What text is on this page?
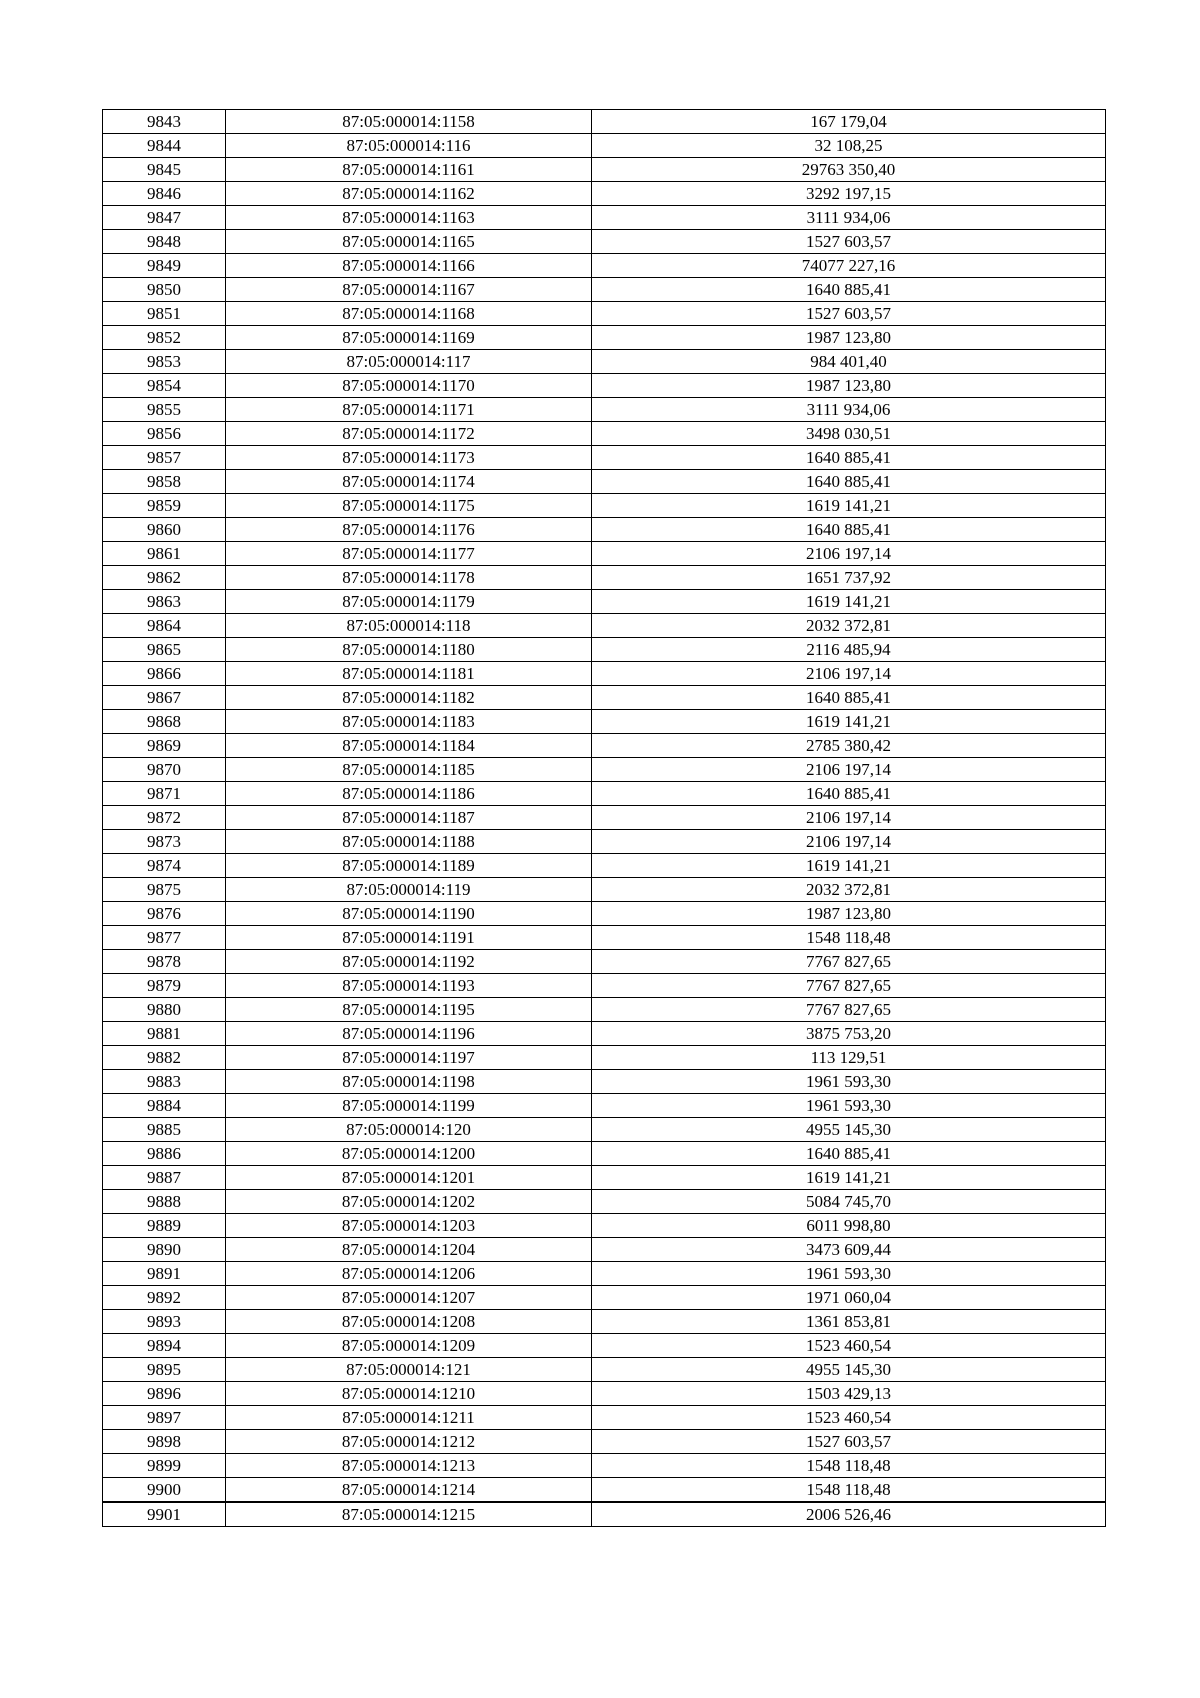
9843	87:05:000014:1158	167 179,04
9844	87:05:000014:116	32 108,25
9845	87:05:000014:1161	29763 350,40
9846	87:05:000014:1162	3292 197,15
9847	87:05:000014:1163	3111 934,06
9848	87:05:000014:1165	1527 603,57
9849	87:05:000014:1166	74077 227,16
9850	87:05:000014:1167	1640 885,41
9851	87:05:000014:1168	1527 603,57
9852	87:05:000014:1169	1987 123,80
9853	87:05:000014:117	984 401,40
9854	87:05:000014:1170	1987 123,80
9855	87:05:000014:1171	3111 934,06
9856	87:05:000014:1172	3498 030,51
9857	87:05:000014:1173	1640 885,41
9858	87:05:000014:1174	1640 885,41
9859	87:05:000014:1175	1619 141,21
9860	87:05:000014:1176	1640 885,41
9861	87:05:000014:1177	2106 197,14
9862	87:05:000014:1178	1651 737,92
9863	87:05:000014:1179	1619 141,21
9864	87:05:000014:118	2032 372,81
9865	87:05:000014:1180	2116 485,94
9866	87:05:000014:1181	2106 197,14
9867	87:05:000014:1182	1640 885,41
9868	87:05:000014:1183	1619 141,21
9869	87:05:000014:1184	2785 380,42
9870	87:05:000014:1185	2106 197,14
9871	87:05:000014:1186	1640 885,41
9872	87:05:000014:1187	2106 197,14
9873	87:05:000014:1188	2106 197,14
9874	87:05:000014:1189	1619 141,21
9875	87:05:000014:119	2032 372,81
9876	87:05:000014:1190	1987 123,80
9877	87:05:000014:1191	1548 118,48
9878	87:05:000014:1192	7767 827,65
9879	87:05:000014:1193	7767 827,65
9880	87:05:000014:1195	7767 827,65
9881	87:05:000014:1196	3875 753,20
9882	87:05:000014:1197	113 129,51
9883	87:05:000014:1198	1961 593,30
9884	87:05:000014:1199	1961 593,30
9885	87:05:000014:120	4955 145,30
9886	87:05:000014:1200	1640 885,41
9887	87:05:000014:1201	1619 141,21
9888	87:05:000014:1202	5084 745,70
9889	87:05:000014:1203	6011 998,80
9890	87:05:000014:1204	3473 609,44
9891	87:05:000014:1206	1961 593,30
9892	87:05:000014:1207	1971 060,04
9893	87:05:000014:1208	1361 853,81
9894	87:05:000014:1209	1523 460,54
9895	87:05:000014:121	4955 145,30
9896	87:05:000014:1210	1503 429,13
9897	87:05:000014:1211	1523 460,54
9898	87:05:000014:1212	1527 603,57
9899	87:05:000014:1213	1548 118,48
9900	87:05:000014:1214	1548 118,48
9901	87:05:000014:1215	2006 526,46
